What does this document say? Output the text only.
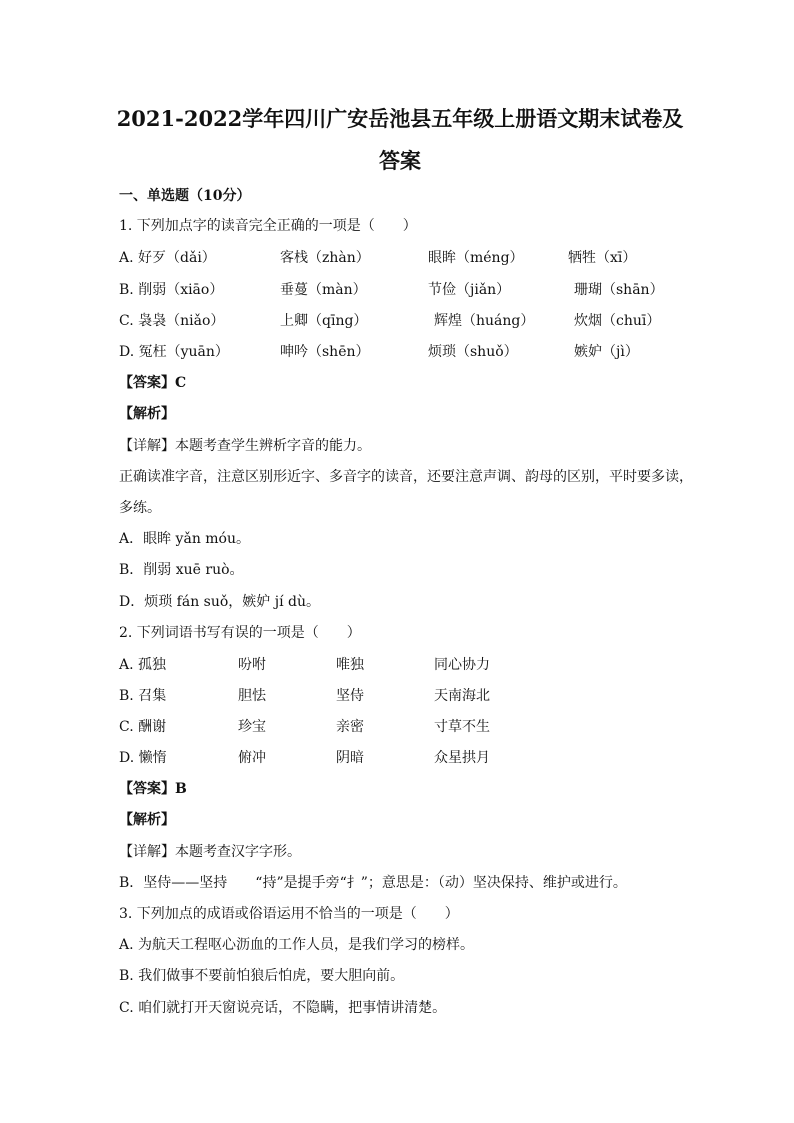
2021-2022学年四川广安岳池县五年级上册语文期末试卷及
答案
一、单选题（10分）
1. 下列加点字的读音完全正确的一项是（　　）
A. 好歹（dǎi）	客栈（zhàn）	眼眸（méng）	牺牲（xī）
B. 削弱（xiāo）	垂蔓（màn）	节俭（jiǎn）	珊瑚（shān）
C. 袅袅（niǎo）	上卿（qīng）	辉煌（huáng）	炊烟（chuī）
D. 冤枉（yuān）	呻吟（shēn）	烦琐（shuǒ）	嫉妒（jì）
【答案】C
【解析】
【详解】本题考查学生辨析字音的能力。
正确读准字音，注意区别形近字、多音字的读音，还要注意声调、韵母的区别，平时要多读，
多练。
A．眼眸 yǎn móu。
B．削弱 xuē ruò。
D．烦琐 fán suǒ，嫉妒 jí dù。
2. 下列词语书写有误的一项是（　　）
A. 孤独	吩咐	唯独	同心协力
B. 召集	胆怯	坚侍	天南海北
C. 酬谢	珍宝	亲密	寸草不生
D. 懒惰	俯冲	阴暗	众星拱月
【答案】B
【解析】
【详解】本题考查汉字字形。
B．坚侍——坚持　　“持”是提手旁“扌”；意思是：（动）坚决保持、维护或进行。
3. 下列加点的成语或俗语运用不恰当的一项是（　　）
A. 为航天工程呕心沥血的工作人员，是我们学习的榜样。
B. 我们做事不要前怕狼后怕虎，要大胆向前。
C. 咱们就打开天窗说亮话，不隐瞒，把事情讲清楚。
